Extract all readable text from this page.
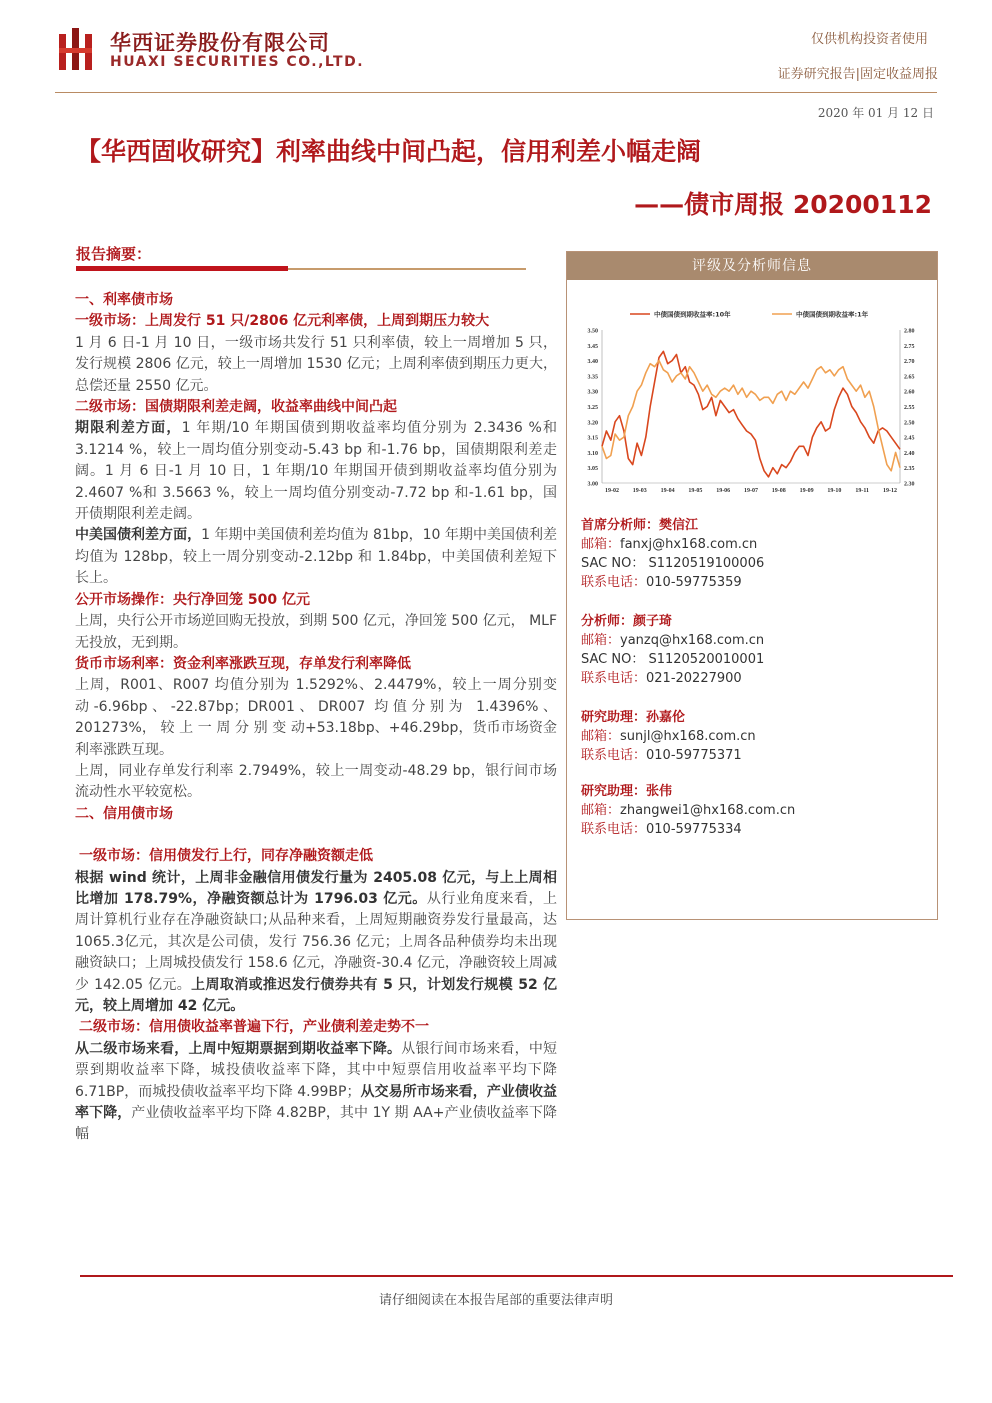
华西证券股份有限公司
HUAXI SECURITIES CO.,LTD.
仅供机构投资者使用
证券研究报告|固定收益周报
2020 年 01 月 12 日
【华西固收研究】利率曲线中间凸起，信用利差小幅走阔
——债市周报 20200112
报告摘要：
一、利率债市场

一级市场：上周发行 51 只/2806 亿元利率债，上周到期压力较大

1 月 6 日-1 月 10 日，一级市场共发行 51 只利率债，较上一周增加 5 只，发行规模 2806 亿元，较上一周增加 1530 亿元；上周利率债到期压力更大，总偿还量 2550 亿元。

二级市场：国债期限利差走阔，收益率曲线中间凸起

期限利差方面，1 年期/10 年期国债到期收益率均值分别为 2.3436 %和 3.1214 %，较上一周均值分别变动-5.43 bp 和-1.76 bp，国债期限利差走阔。1 月 6 日-1 月 10 日，1 年期/10 年期国开债到期收益率均值分别为 2.4607 %和 3.5663 %，较上一周均值分别变动-7.72 bp 和-1.61 bp，国开债期限利差走阔。

中美国债利差方面，1 年期中美国债利差均值为 81bp，10 年期中美国债利差均值为 128bp，较上一周分别变动-2.12bp 和 1.84bp，中美国债利差短下长上。

公开市场操作：央行净回笼 500 亿元

上周，央行公开市场逆回购无投放，到期 500 亿元，净回笼 500 亿元， MLF 无投放，无到期。

货币市场利率：资金利率涨跌互现，存单发行利率降低

上周，R001、R007 均值分别为 1.5292%、2.4479%，较上一周分别变动-6.96bp、-22.87bp；DR001、DR007 均值分别为 1.4396%、201273%， 较 上 一 周 分 别 变 动+53.18bp、+46.29bp，货币市场资金利率涨跌互现。

上周，同业存单发行利率 2.7949%，较上一周变动-48.29 bp，银行间市场流动性水平较宽松。

二、信用债市场

一级市场：信用债发行上行，同存净融资额走低

根据 wind 统计，上周非金融信用债发行量为 2405.08 亿元，与上上周相比增加 178.79%，净融资额总计为 1796.03 亿元。从行业角度来看，上周计算机行业存在净融资缺口;从品种来看，上周短期融资券发行量最高，达 1065.3亿元，其次是公司债，发行 756.36 亿元；上周各品种债券均未出现融资缺口；上周城投债发行 158.6 亿元，净融资-30.4 亿元，净融资较上周减少 142.05 亿元。上周取消或推迟发行债券共有 5 只，计划发行规模 52 亿元，较上周增加 42 亿元。

二级市场：信用债收益率普遍下行，产业债利差走势不一

从二级市场来看，上周中短期票据到期收益率下降。从银行间市场来看，中短票到期收益率下降，城投债收益率下降，其中中短票信用收益率平均下降 6.71BP，而城投债收益率平均下降 4.99BP；从交易所市场来看，产业债收益率下降，产业债收益率平均下降 4.82BP，其中 1Y 期 AA+产业债收益率下降幅

评级及分析师信息
3.00
3.05
3.10
3.15
3.20
3.25
3.30
3.35
3.40
3.45
3.50
2.30
2.35
2.40
2.45
2.50
2.55
2.60
2.65
2.70
2.75
2.80
19-02 19-03 19-04 19-05 19-06 19-07 19-08 19-09 19-10 19-11 19-12
中债国债到期收益率:10年	中债国债到期收益率:1年
首席分析师：樊信江
邮箱：fanxj@hx168.com.cn
SAC NO： S1120519100006
联系电话：010-59775359
分析师：颜子琦
邮箱：yanzq@hx168.com.cn
SAC NO： S1120520010001
联系电话：021-20227900
研究助理：孙嘉伦
邮箱：sunjl@hx168.com.cn
联系电话：010-59775371
研究助理：张伟
邮箱：zhangwei1@hx168.com.cn
联系电话：010-59775334
请仔细阅读在本报告尾部的重要法律声明
